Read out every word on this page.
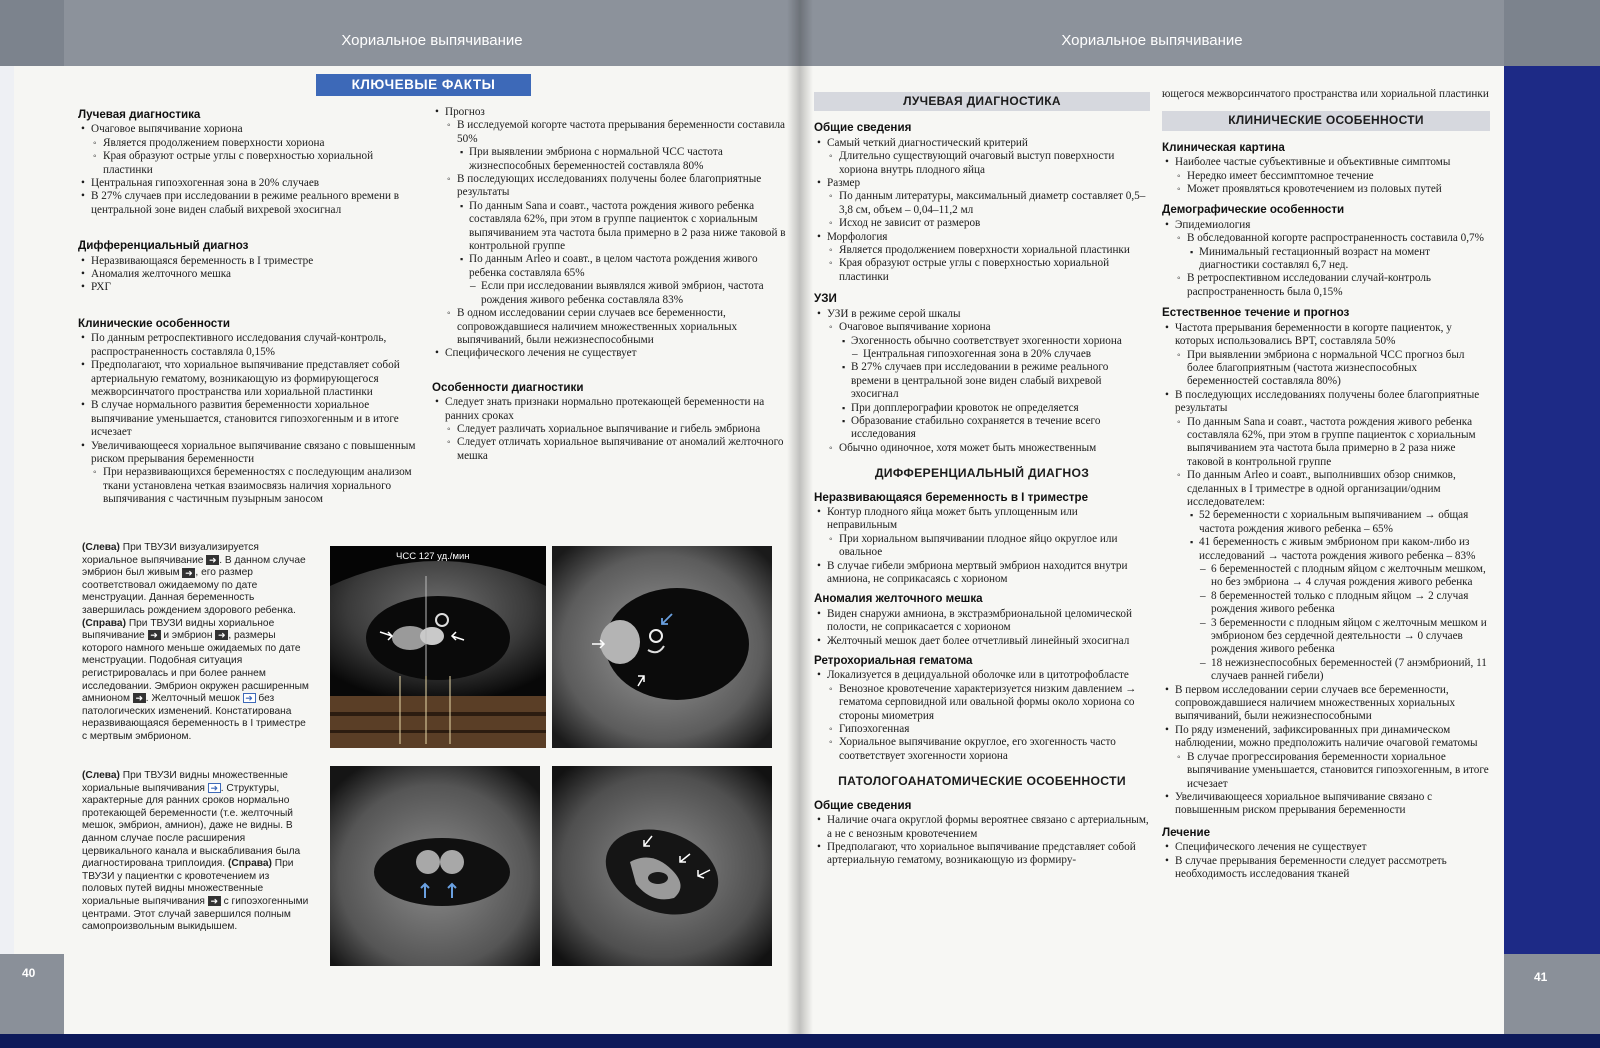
Хориальное выпячивание
40
КЛЮЧЕВЫЕ ФАКТЫ
Лучевая диагностика
• Очаговое выпячивание хориона
◦ Является продолжением поверхности хориона
◦ Края образуют острые углы с поверхностью хориальной пластинки
• Центральная гипоэхогенная зона в 20% случаев
• В 27% случаев при исследовании в режиме реального времени в центральной зоне виден слабый вихревой эхосигнал
Дифференциальный диагноз
• Неразвивающаяся беременность в I триместре
• Аномалия желточного мешка
• РХГ
Клинические особенности
• По данным ретроспективного исследования случай-контроль, распространенность составляла 0,15%
• Предполагают, что хориальное выпячивание представляет собой артериальную гематому, возникающую из формирующегося межворсинчатого пространства или хориальной пластинки
• В случае нормального развития беременности хориальное выпячивание уменьшается, становится гипоэхогенным и в итоге исчезает
• Увеличивающееся хориальное выпячивание связано с повышенным риском прерывания беременности
◦ При неразвивающихся беременностях с последующим анализом ткани установлена четкая взаимосвязь наличия хориального выпячивания с частичным пузырным заносом
• Прогноз
◦ В исследуемой когорте частота прерывания беременности составила 50%
▪ При выявлении эмбриона с нормальной ЧСС частота жизнеспособных беременностей составляла 80%
◦ В последующих исследованиях получены более благоприятные результаты
▪ По данным Sana и соавт., частота рождения живого ребенка составляла 62%, при этом в группе пациенток с хориальным выпячиванием эта частота была примерно в 2 раза ниже таковой в контрольной группе
▪ По данным Arleo и соавт., в целом частота рождения живого ребенка составляла 65%
– Если при исследовании выявлялся живой эмбрион, частота рождения живого ребенка составляла 83%
◦ В одном исследовании серии случаев все беременности, сопровождавшиеся наличием множественных хориальных выпячиваний, были нежизнеспособными
• Специфического лечения не существует
Особенности диагностики
• Следует знать признаки нормально протекающей беременности на ранних сроках
◦ Следует различать хориальное выпячивание и гибель эмбриона
◦ Следует отличать хориальное выпячивание от аномалий желточного мешка
(Слева) При ТВУЗИ визуализируется хориальное выпячивание ➜ . В данном случае эмбрион был живым ➜ , его размер соответствовал ожидаемому по дате менструации. Данная беременность завершилась рождением здорового ребенка. (Справа) При ТВУЗИ видны хориальное выпячивание ➜ и эмбрион ➜ , размеры которого намного меньше ожидаемых по дате менструации. Подобная ситуация регистрировалась и при более раннем исследовании. Эмбрион окружен расширенным амнионом ➜ . Желточный мешок ➜ без патологических изменений. Констатирована неразвивающаяся беременность в I триместре с мертвым эмбрионом.
(Слева) При ТВУЗИ видны множественные хориальные выпячивания ➜ . Структуры, характерные для ранних сроков нормально протекающей беременности (т.е. желточный мешок, эмбрион, амнион), даже не видны. В данном случае после расширения цервикального канала и выскабливания была диагностирована триплоидия. (Справа) При ТВУЗИ у пациентки с кровотечением из половых путей видны множественные хориальные выпячивания ➜ с гипоэхогенными центрами. Этот случай завершился полным самопроизвольным выкидышем.
ЧСС 127 уд./мин
Хориальное выпячивание
41
ЛУЧЕВАЯ ДИАГНОСТИКА
Общие сведения
• Самый четкий диагностический критерий
◦ Длительно существующий очаговый выступ поверхности хориона внутрь плодного яйца
• Размер
◦ По данным литературы, максимальный диаметр составляет 0,5–3,8 см, объем – 0,04–11,2 мл
◦ Исход не зависит от размеров
• Морфология
◦ Является продолжением поверхности хориальной пластинки
◦ Края образуют острые углы с поверхностью хориальной пластинки
УЗИ
• УЗИ в режиме серой шкалы
◦ Очаговое выпячивание хориона
▪ Эхогенность обычно соответствует эхогенности хориона
– Центральная гипоэхогенная зона в 20% случаев
▪ В 27% случаев при исследовании в режиме реального времени в центральной зоне виден слабый вихревой эхосигнал
▪ При допплерографии кровоток не определяется
▪ Образование стабильно сохраняется в течение всего исследования
◦ Обычно одиночное, хотя может быть множественным
ДИФФЕРЕНЦИАЛЬНЫЙ ДИАГНОЗ
Неразвивающаяся беременность в I триместре
• Контур плодного яйца может быть уплощенным или неправильным
◦ При хориальном выпячивании плодное яйцо округлое или овальное
• В случае гибели эмбриона мертвый эмбрион находится внутри амниона, не соприкасаясь с хорионом
Аномалия желточного мешка
• Виден снаружи амниона, в экстраэмбриональной целомической полости, не соприкасается с хорионом
• Желточный мешок дает более отчетливый линейный эхосигнал
Ретрохориальная гематома
• Локализуется в децидуальной оболочке или в цитотрофобласте
◦ Венозное кровотечение характеризуется низким давлением → гематома серповидной или овальной формы около хориона со стороны миометрия
◦ Гипоэхогенная
◦ Хориальное выпячивание округлое, его эхогенность часто соответствует эхогенности хориона
ПАТОЛОГОАНАТОМИЧЕСКИЕ ОСОБЕННОСТИ
Общие сведения
• Наличие очага округлой формы вероятнее связано с артериальным, а не с венозным кровотечением
• Предполагают, что хориальное выпячивание представляет собой артериальную гематому, возникающую из формиру-
ющегося межворсинчатого пространства или хориальной пластинки
КЛИНИЧЕСКИЕ ОСОБЕННОСТИ
Клиническая картина
• Наиболее частые субъективные и объективные симптомы
◦ Нередко имеет бессимптомное течение
◦ Может проявляться кровотечением из половых путей
Демографические особенности
• Эпидемиология
◦ В обследованной когорте распространенность составила 0,7%
▪ Минимальный гестационный возраст на момент диагностики составлял 6,7 нед.
◦ В ретроспективном исследовании случай-контроль распространенность была 0,15%
Естественное течение и прогноз
• Частота прерывания беременности в когорте пациенток, у которых использовались ВРТ, составляла 50%
◦ При выявлении эмбриона с нормальной ЧСС прогноз был более благоприятным (частота жизнеспособных беременностей составляла 80%)
• В последующих исследованиях получены более благоприятные результаты
◦ По данным Sana и соавт., частота рождения живого ребенка составляла 62%, при этом в группе пациенток с хориальным выпячиванием эта частота была примерно в 2 раза ниже таковой в контрольной группе
◦ По данным Arleo и соавт., выполнивших обзор снимков, сделанных в I триместре в одной организации/одним исследователем:
▪ 52 беременности с хориальным выпячиванием → общая частота рождения живого ребенка – 65%
▪ 41 беременность с живым эмбрионом при каком-либо из исследований → частота рождения живого ребенка – 83%
– 6 беременностей с плодным яйцом с желточным мешком, но без эмбриона → 4 случая рождения живого ребенка
– 8 беременностей только с плодным яйцом → 2 случая рождения живого ребенка
– 3 беременности с плодным яйцом с желточным мешком и эмбрионом без сердечной деятельности → 0 случаев рождения живого ребенка
– 18 нежизнеспособных беременностей (7 анэмбрионий, 11 случаев ранней гибели)
• В первом исследовании серии случаев все беременности, сопровождавшиеся наличием множественных хориальных выпячиваний, были нежизнеспособными
• По ряду изменений, зафиксированных при динамическом наблюдении, можно предположить наличие очаговой гематомы
◦ В случае прогрессирования беременности хориальное выпячивание уменьшается, становится гипоэхогенным, в итоге исчезает
• Увеличивающееся хориальное выпячивание связано с повышенным риском прерывания беременности
Лечение
• Специфического лечения не существует
• В случае прерывания беременности следует рассмотреть необходимость исследования тканей
